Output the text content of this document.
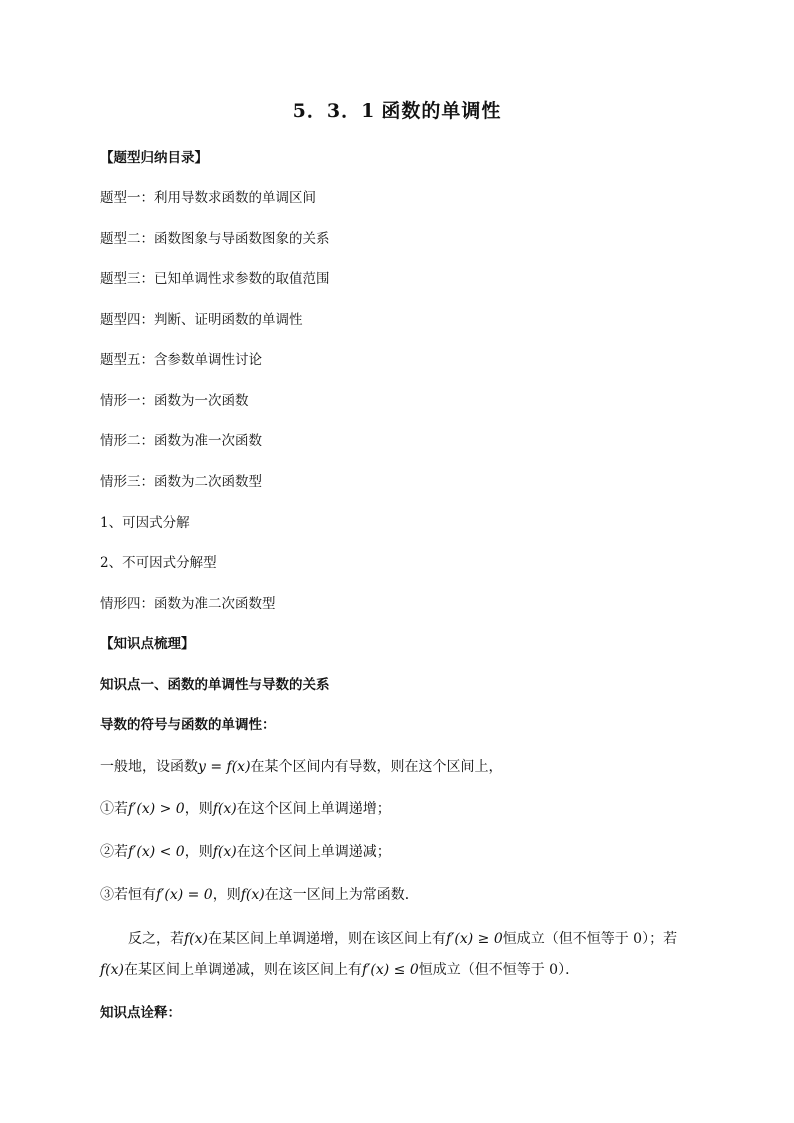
5．3．1 函数的单调性
【题型归纳目录】
题型一：利用导数求函数的单调区间
题型二：函数图象与导函数图象的关系
题型三：已知单调性求参数的取值范围
题型四：判断、证明函数的单调性
题型五：含参数单调性讨论
情形一：函数为一次函数
情形二：函数为准一次函数
情形三：函数为二次函数型
1、可因式分解
2、不可因式分解型
情形四：函数为准二次函数型
【知识点梳理】
知识点一、函数的单调性与导数的关系
导数的符号与函数的单调性：
一般地，设函数y = f(x)在某个区间内有导数，则在这个区间上，
①若f′(x) > 0，则f(x)在这个区间上单调递增；
②若f′(x) < 0，则f(x)在这个区间上单调递减；
③若恒有f′(x) = 0，则f(x)在这一区间上为常函数．
反之，若f(x)在某区间上单调递增，则在该区间上有f′(x) ≥ 0恒成立（但不恒等于 0）；若f(x)在某区间上单调递减，则在该区间上有f′(x) ≤ 0恒成立（但不恒等于 0）．
知识点诠释：
